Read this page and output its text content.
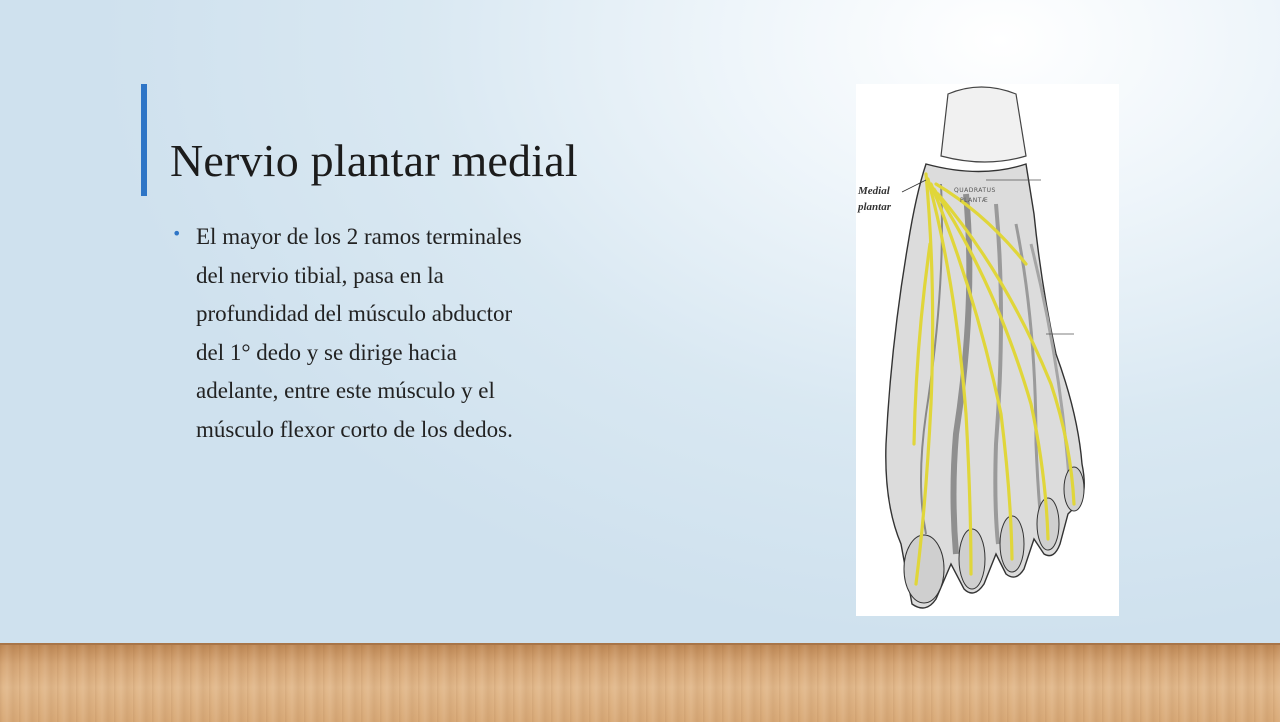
Nervio plantar medial
• El mayor de los 2 ramos terminales
del nervio tibial, pasa en la
profundidad del músculo abductor
del 1° dedo y se dirige hacia
adelante, entre este músculo y el
músculo flexor corto de los dedos.
Medial
plantar
QUADRATUS
PLANTÆ
